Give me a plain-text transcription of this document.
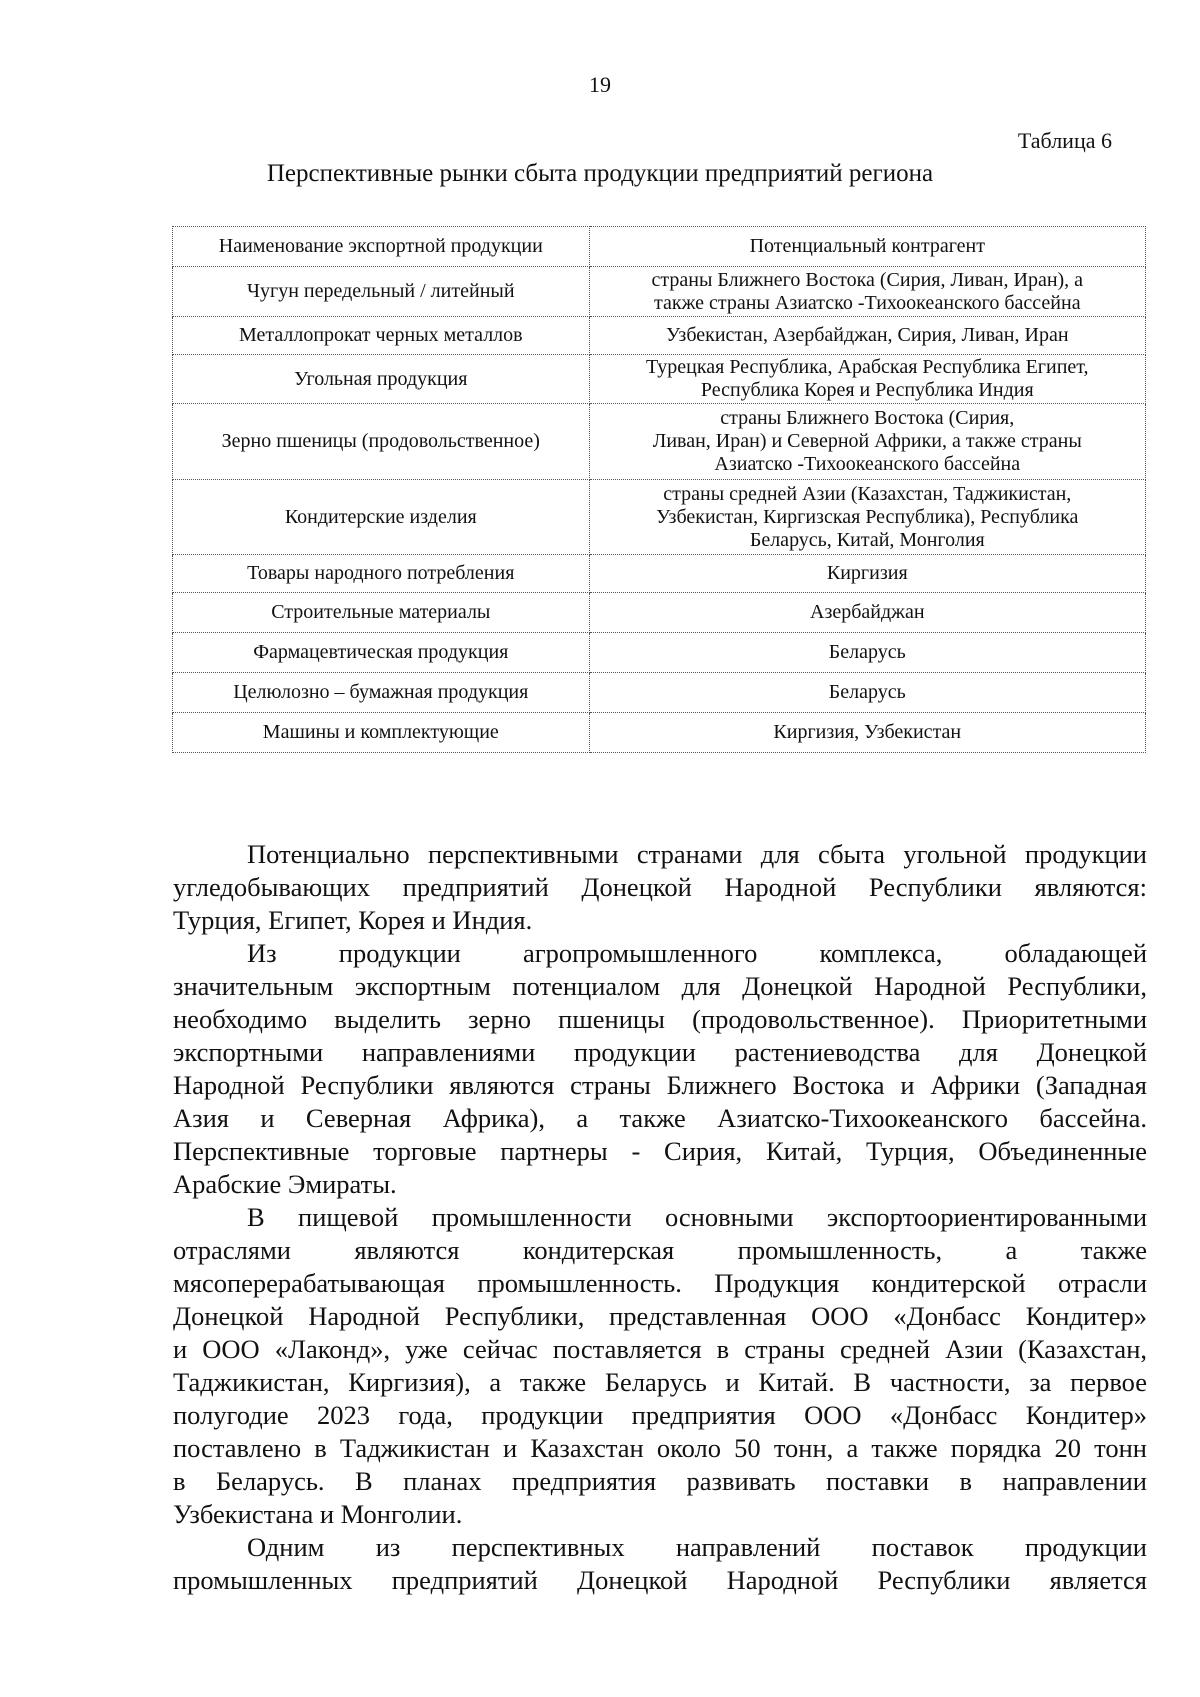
19
Таблица 6
Перспективные рынки сбыта продукции предприятий региона
Наименование экспортной продукции	Потенциальный контрагент
Чугун передельный / литейный	страны Ближнего Востока (Сирия, Ливан, Иран), а
также страны Азиатско -Тихоокеанского бассейна

Металлопрокат черных металлов	Узбекистан, Азербайджан, Сирия, Ливан, Иран

Угольная продукция	Турецкая Республика, Арабская Республика Египет,
Республика Корея и Республика Индия

Зерно пшеницы (продовольственное)	страны Ближнего Востока (Сирия,
Ливан, Иран) и Северной Африки, а также страны
Азиатско -Тихоокеанского бассейна

Кондитерские изделия	страны средней Азии (Казахстан, Таджикистан,
Узбекистан, Киргизская Республика), Республика
Беларусь, Китай, Монголия

Товары народного потребления	Киргизия

Строительные материалы	Азербайджан

Фармацевтическая продукция	Беларусь

Целюлозно – бумажная продукция	Беларусь

Машины и комплектующие	Киргизия, Узбекистан

Потенциально перспективными странами для сбыта угольной продукции
угледобывающих предприятий Донецкой Народной Республики являются:
Турция, Египет, Корея и Индия.

Из продукции агропромышленного комплекса, обладающей
значительным экспортным потенциалом для Донецкой Народной Республики,
необходимо выделить зерно пшеницы (продовольственное). Приоритетными
экспортными направлениями продукции растениеводства для Донецкой
Народной Республики являются страны Ближнего Востока и Африки (Западная
Азия и Северная Африка), а также Азиатско-Тихоокеанского бассейна.
Перспективные торговые партнеры - Сирия, Китай, Турция, Объединенные
Арабские Эмираты.

В пищевой промышленности основными экспортоориентированными
отраслями являются кондитерская промышленность, а также
мясоперерабатывающая промышленность. Продукция кондитерской отрасли
Донецкой Народной Республики, представленная ООО «Донбасс Кондитер»
и ООО «Лаконд», уже сейчас поставляется в страны средней Азии (Казахстан,
Таджикистан, Киргизия), а также Беларусь и Китай. В частности, за первое
полугодие 2023 года, продукции предприятия ООО «Донбасс Кондитер»
поставлено в Таджикистан и Казахстан около 50 тонн, а также порядка 20 тонн
в Беларусь. В планах предприятия развивать поставки в направлении
Узбекистана и Монголии.

Одним из перспективных направлений поставок продукции
промышленных предприятий Донецкой Народной Республики является
